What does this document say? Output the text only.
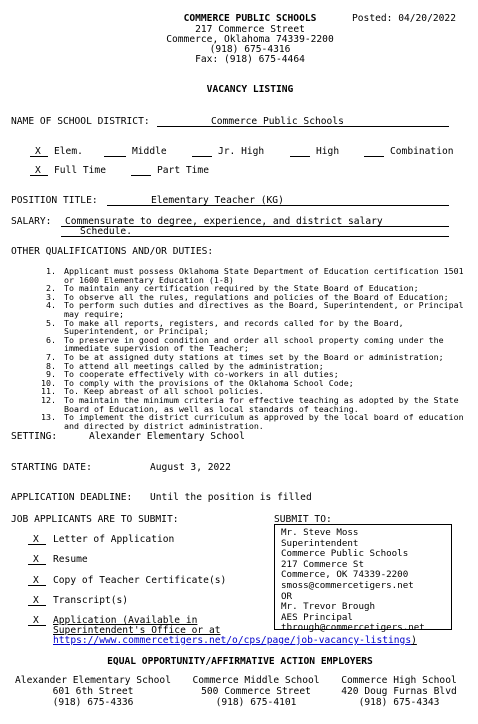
COMMERCE PUBLIC SCHOOLS
217 Commerce Street
Commerce, Oklahoma 74339-2200
(918) 675-4316
Fax: (918) 675-4464
Posted: 04/20/2022
VACANCY LISTING
NAME OF SCHOOL DISTRICT:	Commerce Public Schools
X Elem.	Middle	Jr. High	High	Combination
X Full Time	Part Time
POSITION TITLE:	Elementary Teacher (KG)
SALARY: Commensurate to degree, experience, and district salary
Schedule.
OTHER QUALIFICATIONS AND/OR DUTIES:
1. Applicant must possess Oklahoma State Department of Education certification 1501 or 1600 Elementary Education (1-8)
2. To maintain any certification required by the State Board of Education;
3. To observe all the rules, regulations and policies of the Board of Education;
4. To perform such duties and directives as the Board, Superintendent, or Principal may require;
5. To make all reports, registers, and records called for by the Board, Superintendent, or Principal;
6. To preserve in good condition and order all school property coming under the immediate supervision of the Teacher;
7. To be at assigned duty stations at times set by the Board or administration;
8. To attend all meetings called by the administration;
9. To cooperate effectively with co-workers in all duties;
10. To comply with the provisions of the Oklahoma School Code;
11. To. Keep abreast of all school policies.
12. To maintain the minimum criteria for effective teaching as adopted by the State Board of Education, as well as local standards of teaching.
13. To implement the district curriculum as approved by the local board of education and directed by district administration.
SETTING:	Alexander Elementary School
STARTING DATE:	August 3, 2022
APPLICATION DEADLINE: Until the position is filled
JOB APPLICANTS ARE TO SUBMIT:
X Letter of Application
X Resume
X Copy of Teacher Certificate(s)
X Transcript(s)
X Application (Available in
Superintendent's Office or at
https://www.commercetigers.net/o/cps/page/job-vacancy-listings)
SUBMIT TO:
Mr. Steve Moss
Superintendent
Commerce Public Schools
217 Commerce St
Commerce, OK 74339-2200
smoss@commercetigers.net
OR
Mr. Trevor Brough
AES Principal
tbrough@commercetigers.net
EQUAL OPPORTUNITY/AFFIRMATIVE ACTION EMPLOYERS
Alexander Elementary School
601 6th Street
(918) 675-4336
Commerce Middle School
500 Commerce Street
(918) 675-4101
Commerce High School
420 Doug Furnas Blvd
(918) 675-4343
